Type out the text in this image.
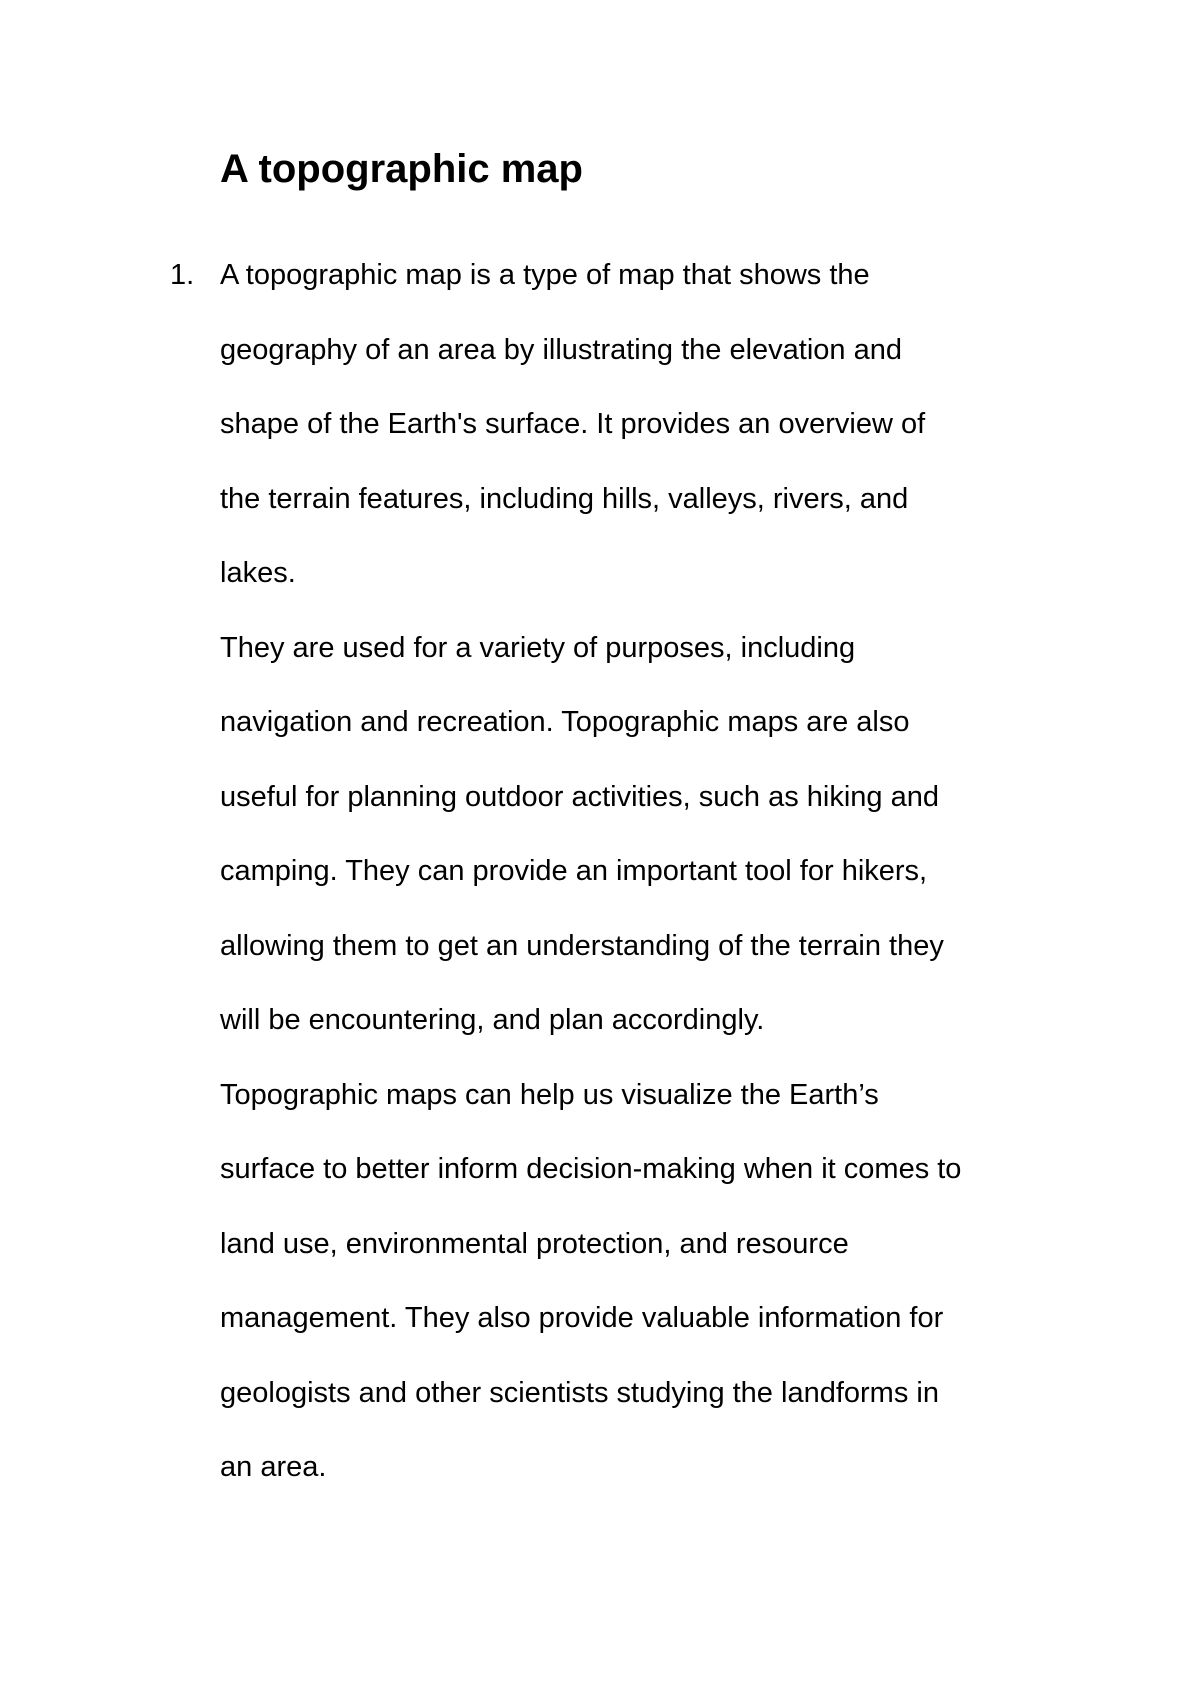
A topographic map
1. A topographic map is a type of map that shows the
geography of an area by illustrating the elevation and
shape of the Earth's surface. It provides an overview of
the terrain features, including hills, valleys, rivers, and
lakes.
They are used for a variety of purposes, including
navigation and recreation. Topographic maps are also
useful for planning outdoor activities, such as hiking and
camping. They can provide an important tool for hikers,
allowing them to get an understanding of the terrain they
will be encountering, and plan accordingly.
Topographic maps can help us visualize the Earth’s
surface to better inform decision-making when it comes to
land use, environmental protection, and resource
management. They also provide valuable information for
geologists and other scientists studying the landforms in
an area.
